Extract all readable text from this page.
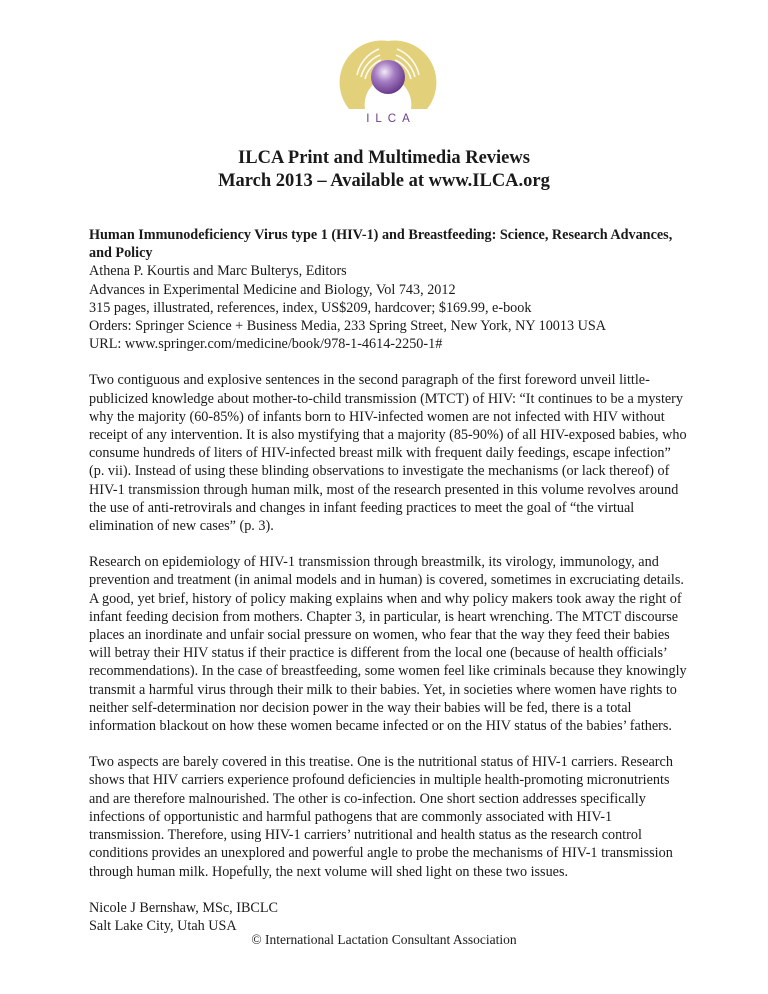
ILCA
ILCA Print and Multimedia Reviews
March 2013 – Available at www.ILCA.org

Human Immunodeficiency Virus type 1 (HIV-1) and Breastfeeding: Science, Research Advances, and Policy
Athena P. Kourtis and Marc Bulterys, Editors
Advances in Experimental Medicine and Biology, Vol 743, 2012
315 pages, illustrated, references, index, US$209, hardcover; $169.99, e-book
Orders: Springer Science + Business Media, 233 Spring Street, New York, NY 10013 USA
URL: www.springer.com/medicine/book/978-1-4614-2250-1#

Two contiguous and explosive sentences in the second paragraph of the first foreword unveil little-publicized knowledge about mother-to-child transmission (MTCT) of HIV: “It continues to be a mystery why the majority (60-85%) of infants born to HIV-infected women are not infected with HIV without receipt of any intervention. It is also mystifying that a majority (85-90%) of all HIV-exposed babies, who consume hundreds of liters of HIV-infected breast milk with frequent daily feedings, escape infection” (p. vii). Instead of using these blinding observations to investigate the mechanisms (or lack thereof) of HIV-1 transmission through human milk, most of the research presented in this volume revolves around the use of anti-retrovirals and changes in infant feeding practices to meet the goal of “the virtual elimination of new cases” (p. 3).

Research on epidemiology of HIV-1 transmission through breastmilk, its virology, immunology, and prevention and treatment (in animal models and in human) is covered, sometimes in excruciating details. A good, yet brief, history of policy making explains when and why policy makers took away the right of infant feeding decision from mothers. Chapter 3, in particular, is heart wrenching. The MTCT discourse places an inordinate and unfair social pressure on women, who fear that the way they feed their babies will betray their HIV status if their practice is different from the local one (because of health officials’ recommendations). In the case of breastfeeding, some women feel like criminals because they knowingly transmit a harmful virus through their milk to their babies. Yet, in societies where women have rights to neither self-determination nor decision power in the way their babies will be fed, there is a total information blackout on how these women became infected or on the HIV status of the babies’ fathers.

Two aspects are barely covered in this treatise. One is the nutritional status of HIV-1 carriers. Research shows that HIV carriers experience profound deficiencies in multiple health-promoting micronutrients and are therefore malnourished. The other is co-infection. One short section addresses specifically infections of opportunistic and harmful pathogens that are commonly associated with HIV-1 transmission. Therefore, using HIV-1 carriers’ nutritional and health status as the research control conditions provides an unexplored and powerful angle to probe the mechanisms of HIV-1 transmission through human milk. Hopefully, the next volume will shed light on these two issues.

Nicole J Bernshaw, MSc, IBCLC
Salt Lake City, Utah USA

© International Lactation Consultant Association
